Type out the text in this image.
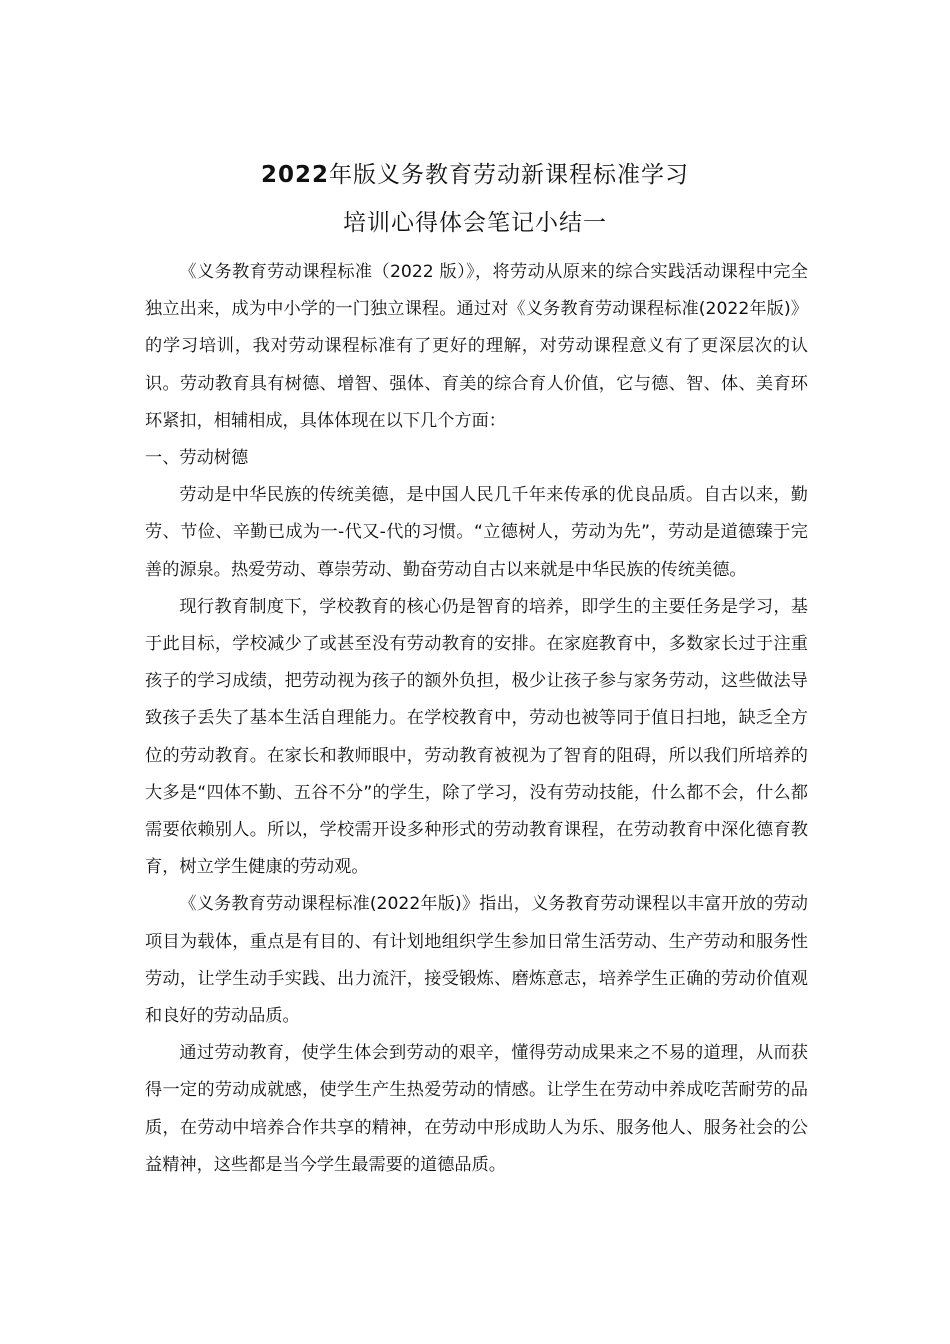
2022年版义务教育劳动新课程标准学习
培训心得体会笔记小结一

《义务教育劳动课程标准（2022 版）》，将劳动从原来的综合实践活动课程中完全独立出来，成为中小学的一门独立课程。通过对《义务教育劳动课程标准(2022年版)》的学习培训，我对劳动课程标准有了更好的理解，对劳动课程意义有了更深层次的认识。劳动教育具有树德、增智、强体、育美的综合育人价值，它与德、智、体、美育环环紧扣，相辅相成，具体体现在以下几个方面：

一、劳动树德

劳动是中华民族的传统美德，是中国人民几千年来传承的优良品质。自古以来，勤劳、节俭、辛勤已成为一-代又-代的习惯。“立德树人，劳动为先”，劳动是道德臻于完善的源泉。热爱劳动、尊崇劳动、勤奋劳动自古以来就是中华民族的传统美德。

现行教育制度下，学校教育的核心仍是智育的培养，即学生的主要任务是学习，基于此目标，学校减少了或甚至没有劳动教育的安排。在家庭教育中，多数家长过于注重孩子的学习成绩，把劳动视为孩子的额外负担，极少让孩子参与家务劳动，这些做法导致孩子丢失了基本生活自理能力。在学校教育中，劳动也被等同于值日扫地，缺乏全方位的劳动教育。在家长和教师眼中，劳动教育被视为了智育的阻碍，所以我们所培养的大多是“四体不勤、五谷不分”的学生，除了学习，没有劳动技能，什么都不会，什么都需要依赖别人。所以，学校需开设多种形式的劳动教育课程，在劳动教育中深化德育教育，树立学生健康的劳动观。

《义务教育劳动课程标准(2022年版)》指出，义务教育劳动课程以丰富开放的劳动项目为载体，重点是有目的、有计划地组织学生参加日常生活劳动、生产劳动和服务性劳动，让学生动手实践、出力流汗，接受锻炼、磨炼意志，培养学生正确的劳动价值观和良好的劳动品质。

通过劳动教育，使学生体会到劳动的艰辛，懂得劳动成果来之不易的道理，从而获得一定的劳动成就感，使学生产生热爱劳动的情感。让学生在劳动中养成吃苦耐劳的品质，在劳动中培养合作共享的精神，在劳动中形成助人为乐、服务他人、服务社会的公益精神，这些都是当今学生最需要的道德品质。
